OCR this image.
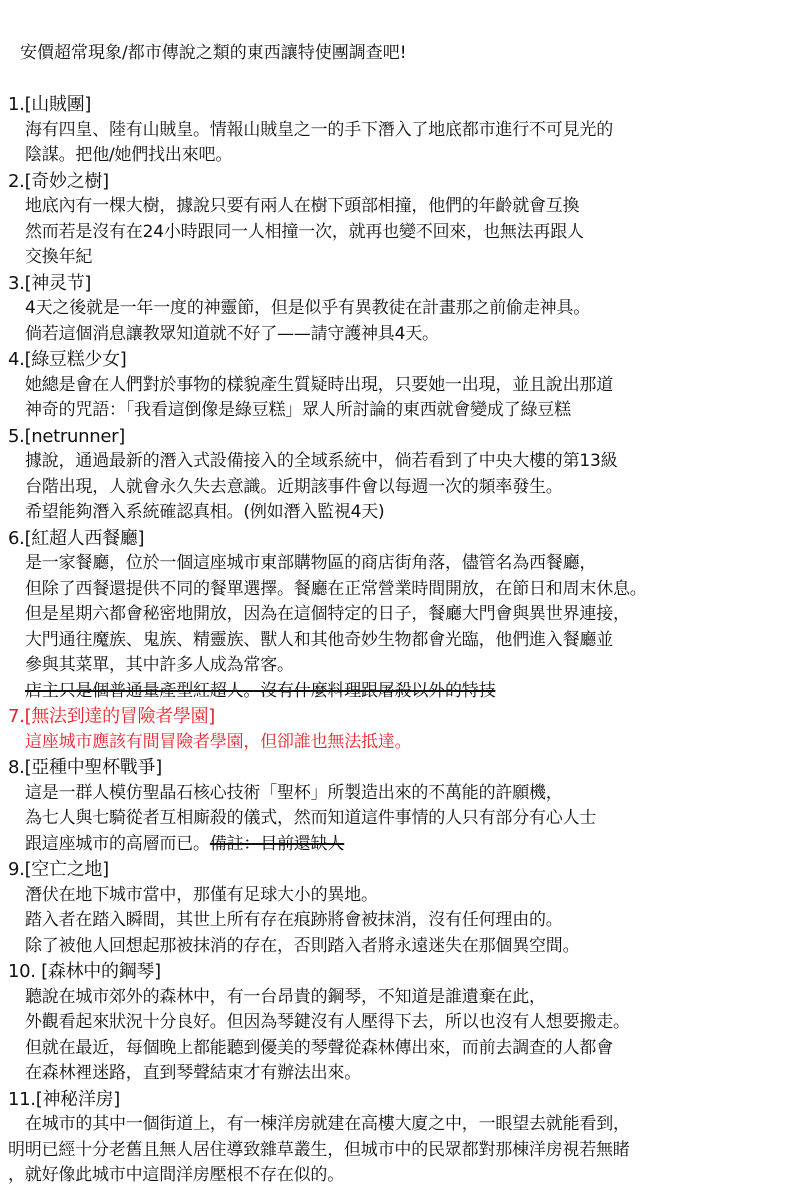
安價超常現象/都市傳說之類的東西讓特使團調查吧!
1.[山賊團]
海有四皇、陸有山賊皇。情報山賊皇之一的手下潛入了地底都市進行不可見光的
陰謀。把他/她們找出來吧。
2.[奇妙之樹]
地底內有一棵大樹，據說只要有兩人在樹下頭部相撞，他們的年齡就會互換
然而若是沒有在24小時跟同一人相撞一次，就再也變不回來，也無法再跟人
交換年紀
3.[神灵节]
4天之後就是一年一度的神靈節，但是似乎有異教徒在計畫那之前偷走神具。
倘若這個消息讓教眾知道就不好了——請守護神具4天。
4.[綠豆糕少女]
她總是會在人們對於事物的樣貌產生質疑時出現，只要她一出現，並且說出那道
神奇的咒語：「我看這倒像是綠豆糕」眾人所討論的東西就會變成了綠豆糕
5.[netrunner]
據說，通過最新的潛入式設備接入的全域系統中，倘若看到了中央大樓的第13級
台階出現，人就會永久失去意識。近期該事件會以每週一次的頻率發生。
希望能夠潛入系統確認真相。(例如潛入監視4天)
6.[紅超人西餐廳]
是一家餐廳，位於一個這座城市東部購物區的商店街角落，儘管名為西餐廳，
但除了西餐還提供不同的餐單選擇。餐廳在正常營業時間開放，在節日和周末休息。
但是星期六都會秘密地開放，因為在這個特定的日子，餐廳大門會與異世界連接，
大門通往魔族、鬼族、精靈族、獸人和其他奇妙生物都會光臨，他們進入餐廳並
參與其菜單，其中許多人成為常客。
店主只是個普通量產型紅超人。沒有什麼料理跟屠殺以外的特技
7.[無法到達的冒險者學園]
這座城市應該有間冒險者學園，但卻誰也無法抵達。
8.[亞種中聖杯戰爭]
這是一群人模仿聖晶石核心技術「聖杯」所製造出來的不萬能的許願機，
為七人與七騎從者互相廝殺的儀式，然而知道這件事情的人只有部分有心人士
跟這座城市的高層而已。備註：目前還缺人
9.[空亡之地]
潛伏在地下城市當中，那僅有足球大小的異地。
踏入者在踏入瞬間，其世上所有存在痕跡將會被抹消，沒有任何理由的。
除了被他人回想起那被抹消的存在，否則踏入者將永遠迷失在那個異空間。
10. [森林中的鋼琴]
聽說在城市郊外的森林中，有一台昂貴的鋼琴，不知道是誰遺棄在此，
外觀看起來狀況十分良好。但因為琴鍵沒有人壓得下去，所以也沒有人想要搬走。
但就在最近，每個晚上都能聽到優美的琴聲從森林傳出來，而前去調查的人都會
在森林裡迷路，直到琴聲結束才有辦法出來。
11.[神秘洋房]
在城市的其中一個街道上，有一棟洋房就建在高樓大廈之中，一眼望去就能看到，
明明已經十分老舊且無人居住導致雜草叢生，但城市中的民眾都對那棟洋房視若無睹
，就好像此城市中這間洋房壓根不存在似的。
